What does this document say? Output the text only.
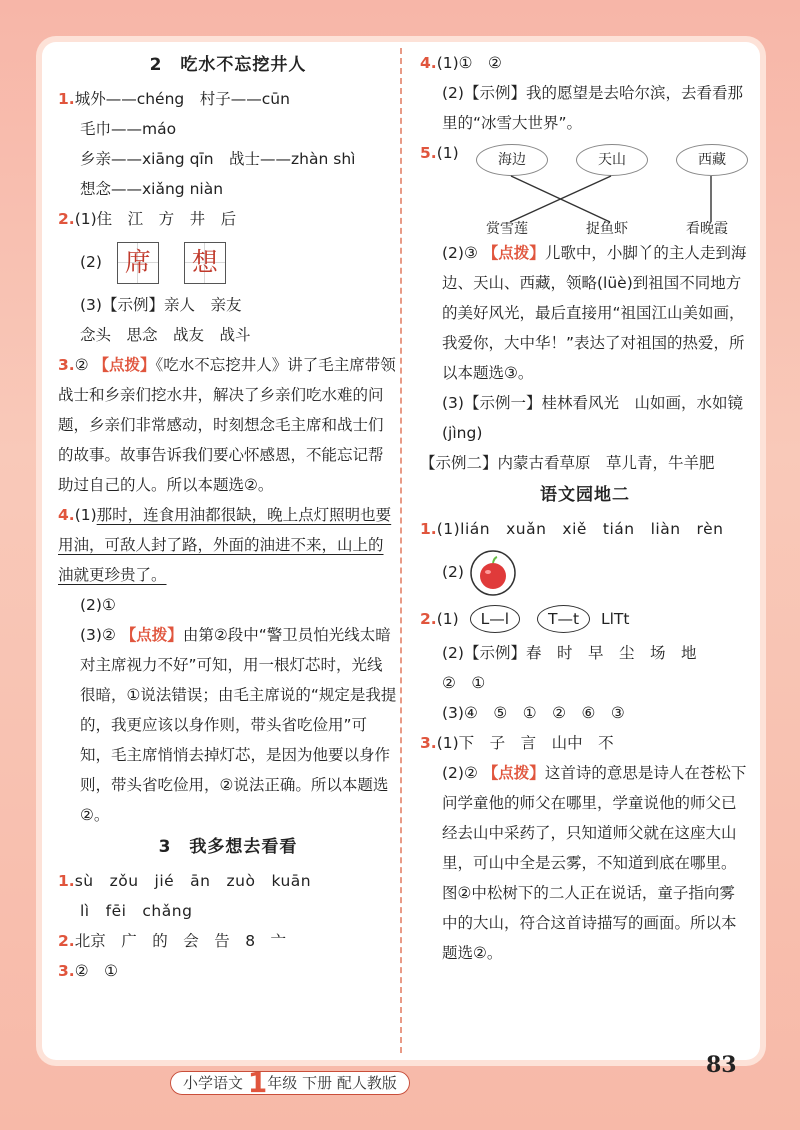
2　吃水不忘挖井人
1.城外——chéng　村子——cūn
毛巾——máo
乡亲——xiāng qīn　战士——zhàn shì
想念——xiǎng niàn
2.(1)住　江　方　井　后
(2) 席 想
(3)【示例】亲人　亲友
念头　思念　战友　战斗
3.② 【点拨】《吃水不忘挖井人》讲了毛主席带领战士和乡亲们挖水井，解决了乡亲们吃水难的问题，乡亲们非常感动，时刻想念毛主席和战士们的故事。故事告诉我们要心怀感恩，不能忘记帮助过自己的人。所以本题选②。
4.(1)那时，连食用油都很缺，晚上点灯照明也要用油，可敌人封了路，外面的油进不来，山上的油就更珍贵了。
(2)①
(3)② 【点拨】由第②段中“警卫员怕光线太暗对主席视力不好”可知，用一根灯芯时，光线很暗，①说法错误；由毛主席说的“规定是我提的，我更应该以身作则，带头省吃俭用”可知，毛主席悄悄去掉灯芯，是因为他要以身作则，带头省吃俭用，②说法正确。所以本题选②。
3　我多想去看看
1.sù　zǒu　jié　ān　zuò　kuān
lì　fēi　chǎng
2.北京　广　的　会　告　8　亠
3.②　①
4.(1)①　②
(2)【示例】我的愿望是去哈尔滨，去看看那里的“冰雪大世界”。
5.(1)	海边	天山	西藏
赏雪莲	捉鱼虾	看晚霞
(2)③ 【点拨】儿歌中，小脚丫的主人走到海边、天山、西藏，领略(lüè)到祖国不同地方的美好风光，最后直接用“祖国江山美如画，我爱你，大中华！”表达了对祖国的热爱，所以本题选③。
(3)【示例一】桂林看风光　山如画，水如镜(jìng)
【示例二】内蒙古看草原　草儿青，牛羊肥
语文园地二
1.(1)lián　xuǎn　xiě　tián　liàn　rèn
(2)
2.(1) L—l	T—t LlTt
(2)【示例】春　时　早　尘　场　地
②　①
(3)④　⑤　①　②　⑥　③
3.(1)下　子　言　山中　不
(2)② 【点拨】这首诗的意思是诗人在苍松下问学童他的师父在哪里，学童说他的师父已经去山中采药了，只知道师父就在这座大山里，可山中全是云雾，不知道到底在哪里。图②中松树下的二人正在说话，童子指向雾中的大山，符合这首诗描写的画面。所以本题选②。
小学语文 1年级 下册 配人教版
83
